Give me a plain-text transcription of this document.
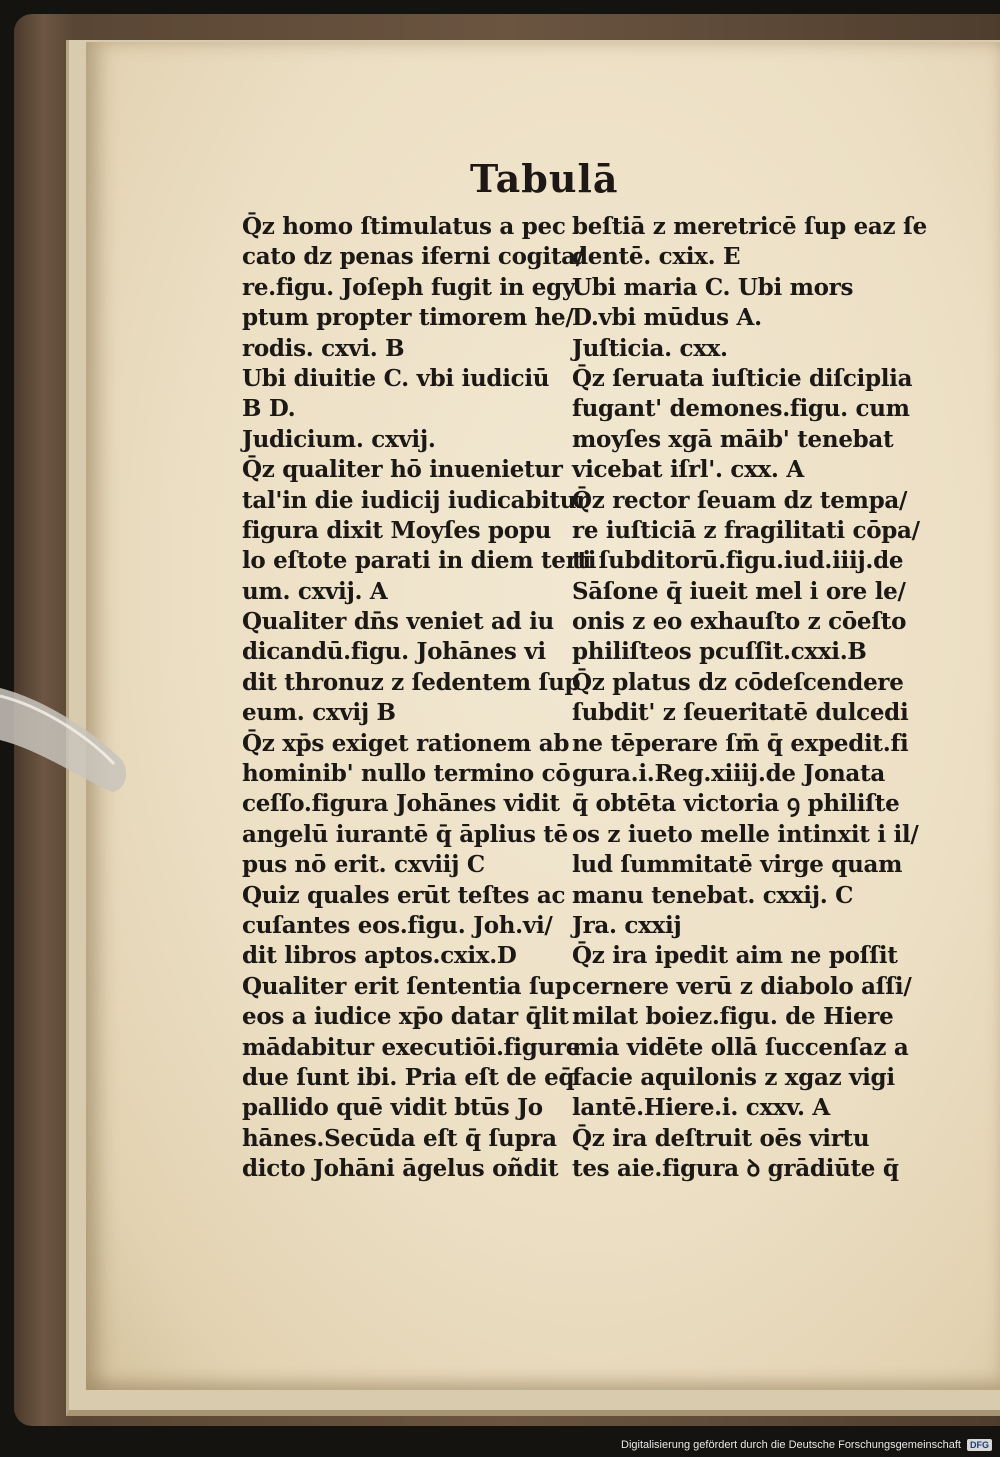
Tabulā
Q̄z homo ſtimulatus a pec
cato dz penas iferni cogita/
re.figu. Joſeph fugit in egy
ptum propter timorem he/
rodis. cxvi. B
Ubi diuitie C. vbi iudiciū
B D.
Judicium. cxvij.
Q̄z qualiter hō inuenietur
tal'in die iudicij iudicabitur
figura dixit Moyſes popu
lo eſtote parati in diem terti
um. cxvij. A
Qualiter dn̄s veniet ad iu
dicandū.figu. Johānes vi
dit thronuz z ſedentem ſup
eum. cxvij B
Q̄z xp̄s exiget rationem ab
hominib' nullo termino cō
ceſſo.figura Johānes vidit
angelū iurantē q̄ āplius tē
pus nō erit. cxviij C
Quiz quales erūt teſtes ac
cuſantes eos.figu. Joh.vi/
dit libros aptos.cxix.D
Qualiter erit ſententia ſup
eos a iudice xp̄o datar q̄lit
mādabitur executiōi.figure
due ſunt ibi. Pria eſt de eq̄
pallido quē vidit btūs Jo
hānes.Secūda eſt q̄ ſupra
dicto Johāni āgelus oñdit
beſtiā z meretricē ſup eaz ſe
dentē. cxix. E
Ubi maria C. Ubi mors
D.vbi mūdus A.
Juſticia. cxx.
Q̄z ſeruata iuſticie diſciplia
fugant' demones.figu. cum
moyſes xgā māib' tenebat
vicebat iſrl'. cxx. A
Q̄z rector ſeuam dz tempa/
re iuſticiā z fragilitati cōpa/
ti ſubditorū.figu.iud.iiij.de
Sāſone q̄ iueit mel i ore le/
onis z eo exhauſto z cōeſto
philiſteos pcuſſit.cxxi.B
Q̄z platus dz cōdeſcendere
ſubdit' z ſeueritatē dulcedi
ne tēperare ſm̄ q̄ expedit.fi
gura.i.Reg.xiiij.de Jonata
q̄ obtēta victoria ꝯ philiſte
os z iueto melle intinxit i il/
lud ſummitatē virge quam
manu tenebat. cxxij. C
Jra. cxxij
Q̄z ira ipedit aim ne poſſit
cernere verū z diabolo aſſi/
milat boiez.figu. de Hiere
mia vidēte ollā ſuccenſaz a
facie aquilonis z xgaz vigi
lantē.Hiere.i. cxxv. A
Q̄z ira deſtruit oēs virtu
tes aie.figura ꝺ grādiūte q̄
Digitalisierung gefördert durch die Deutsche Forschungsgemeinschaft	DFG
